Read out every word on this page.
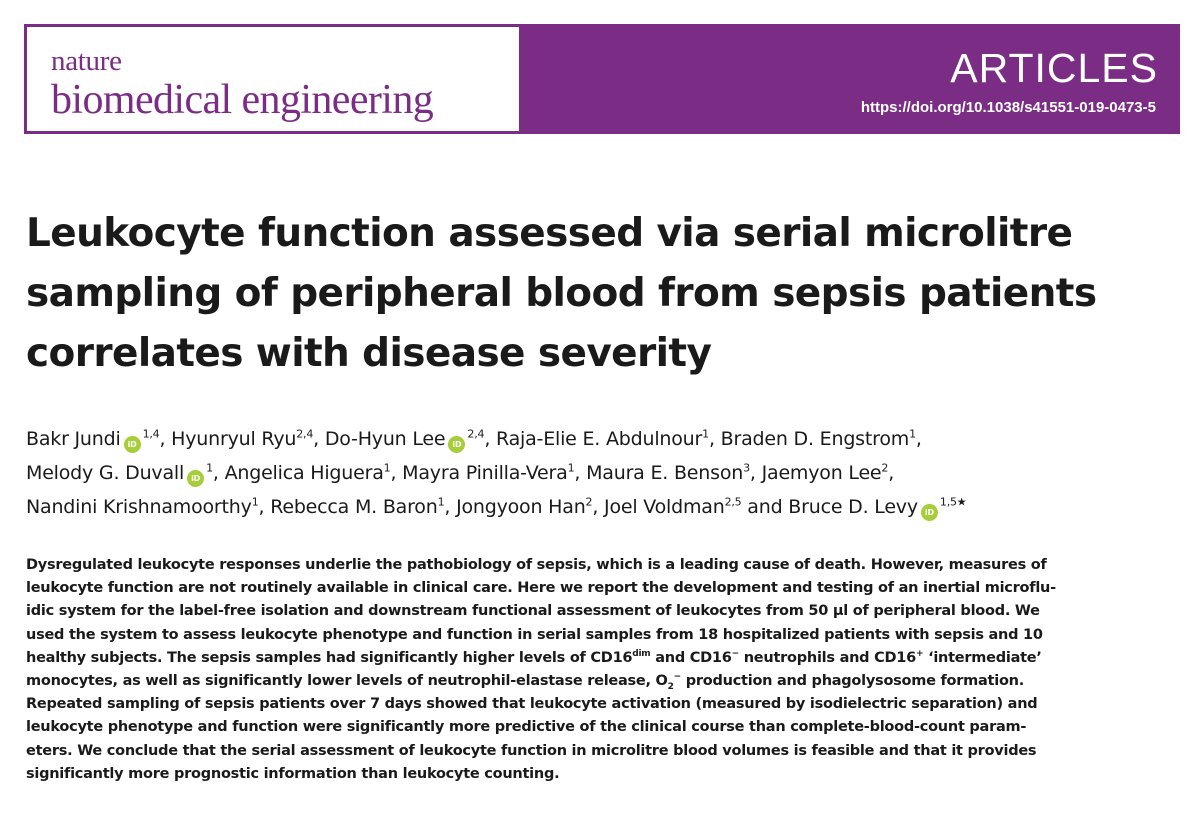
nature
biomedical engineering
ARTICLES
https://doi.org/10.1038/s41551-019-0473-5
Leukocyte function assessed via serial microlitre
sampling of peripheral blood from sepsis patients
correlates with disease severity
Bakr Jundi iD$^{1,4}$, Hyunryul Ryu$^{2,4}$, Do-Hyun Lee iD$^{2,4}$, Raja-Elie E. Abdulnour$^1$, Braden D. Engstrom$^1$,
Melody G. Duvall $iD^1$, Angelica Higuera$^1$, Mayra Pinilla-Vera$^1$, Maura E. Benson$^3$, Jaemyon Lee$^2$,
Nandini Krishnamoorthy$^1$, Rebecca M. Baron$^1$, Jongyoon Han$^2$, Joel Voldman$^{2,5}$ and Bruce D. Levy $iD^{1,5★}$

Dysregulated leukocyte responses underlie the pathobiology of sepsis, which is a leading cause of death. However, measures of
leukocyte function are not routinely available in clinical care. Here we report the development and testing of an inertial microflu-
idic system for the label-free isolation and downstream functional assessment of leukocytes from 50 µl of peripheral blood. We
used the system to assess leukocyte phenotype and function in serial samples from 18 hospitalized patients with sepsis and 10
healthy subjects. The sepsis samples had significantly higher levels of $CD16^{dim}$ and CD16− neutrophils and CD16+ ‘intermediate’
monocytes, as well as significantly lower levels of neutrophil-elastase release, $O_2^-$ production and phagolysosome formation.
Repeated sampling of sepsis patients over 7 days showed that leukocyte activation (measured by isodielectric separation) and
leukocyte phenotype and function were significantly more predictive of the clinical course than complete-blood-count param-
eters. We conclude that the serial assessment of leukocyte function in microlitre blood volumes is feasible and that it provides
significantly more prognostic information than leukocyte counting.
